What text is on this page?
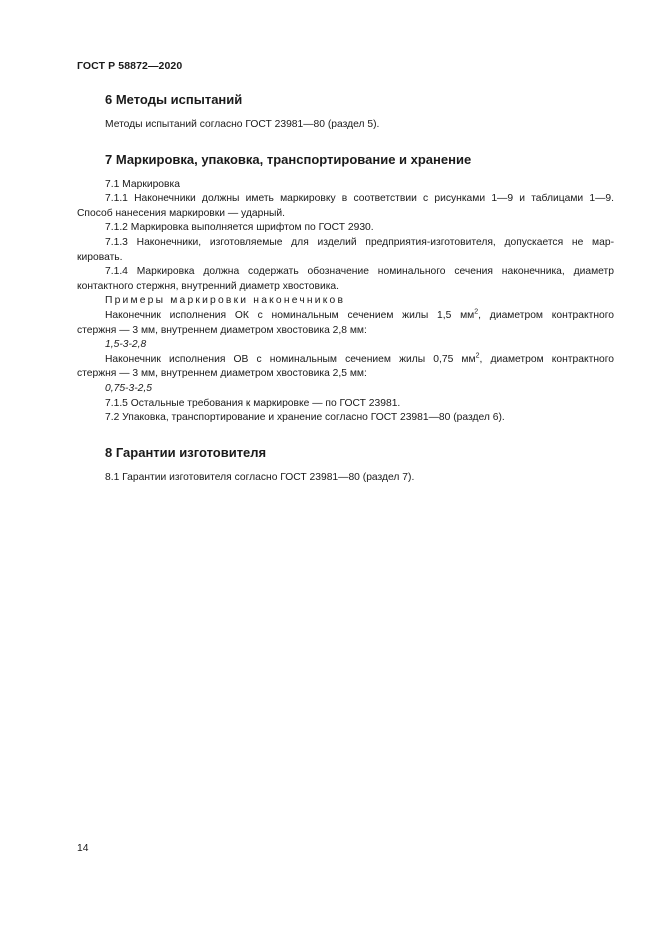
ГОСТ Р 58872—2020
6 Методы испытаний

Методы испытаний согласно ГОСТ 23981—80 (раздел 5).

7 Маркировка, упаковка, транспортирование и хранение

7.1 Маркировка

7.1.1 Наконечники должны иметь маркировку в соответствии с рисунками 1—9 и таблицами 1—9.

Способ нанесения маркировки — ударный.

7.1.2 Маркировка выполняется шрифтом по ГОСТ 2930.

7.1.3 Наконечники, изготовляемые для изделий предприятия-изготовителя, допускается не мар-

кировать.

7.1.4 Маркировка должна содержать обозначение номинального сечения наконечника, диаметр

контактного стержня, внутренний диаметр хвостовика.

Примеры маркировки наконечников

Наконечник исполнения ОК с номинальным сечением жилы 1,5 $мм^2$, диаметром контрактного

стержня — 3 мм, внутреннем диаметром хвостовика 2,8 мм:

1,5-3-2,8

Наконечник исполнения ОВ с номинальным сечением жилы 0,75 $мм^2$, диаметром контрактного

стержня — 3 мм, внутреннем диаметром хвостовика 2,5 мм:

0,75-3-2,5

7.1.5 Остальные требования к маркировке — по ГОСТ 23981.

7.2 Упаковка, транспортирование и хранение согласно ГОСТ 23981—80 (раздел 6).

8 Гарантии изготовителя

8.1 Гарантии изготовителя согласно ГОСТ 23981—80 (раздел 7).

14
